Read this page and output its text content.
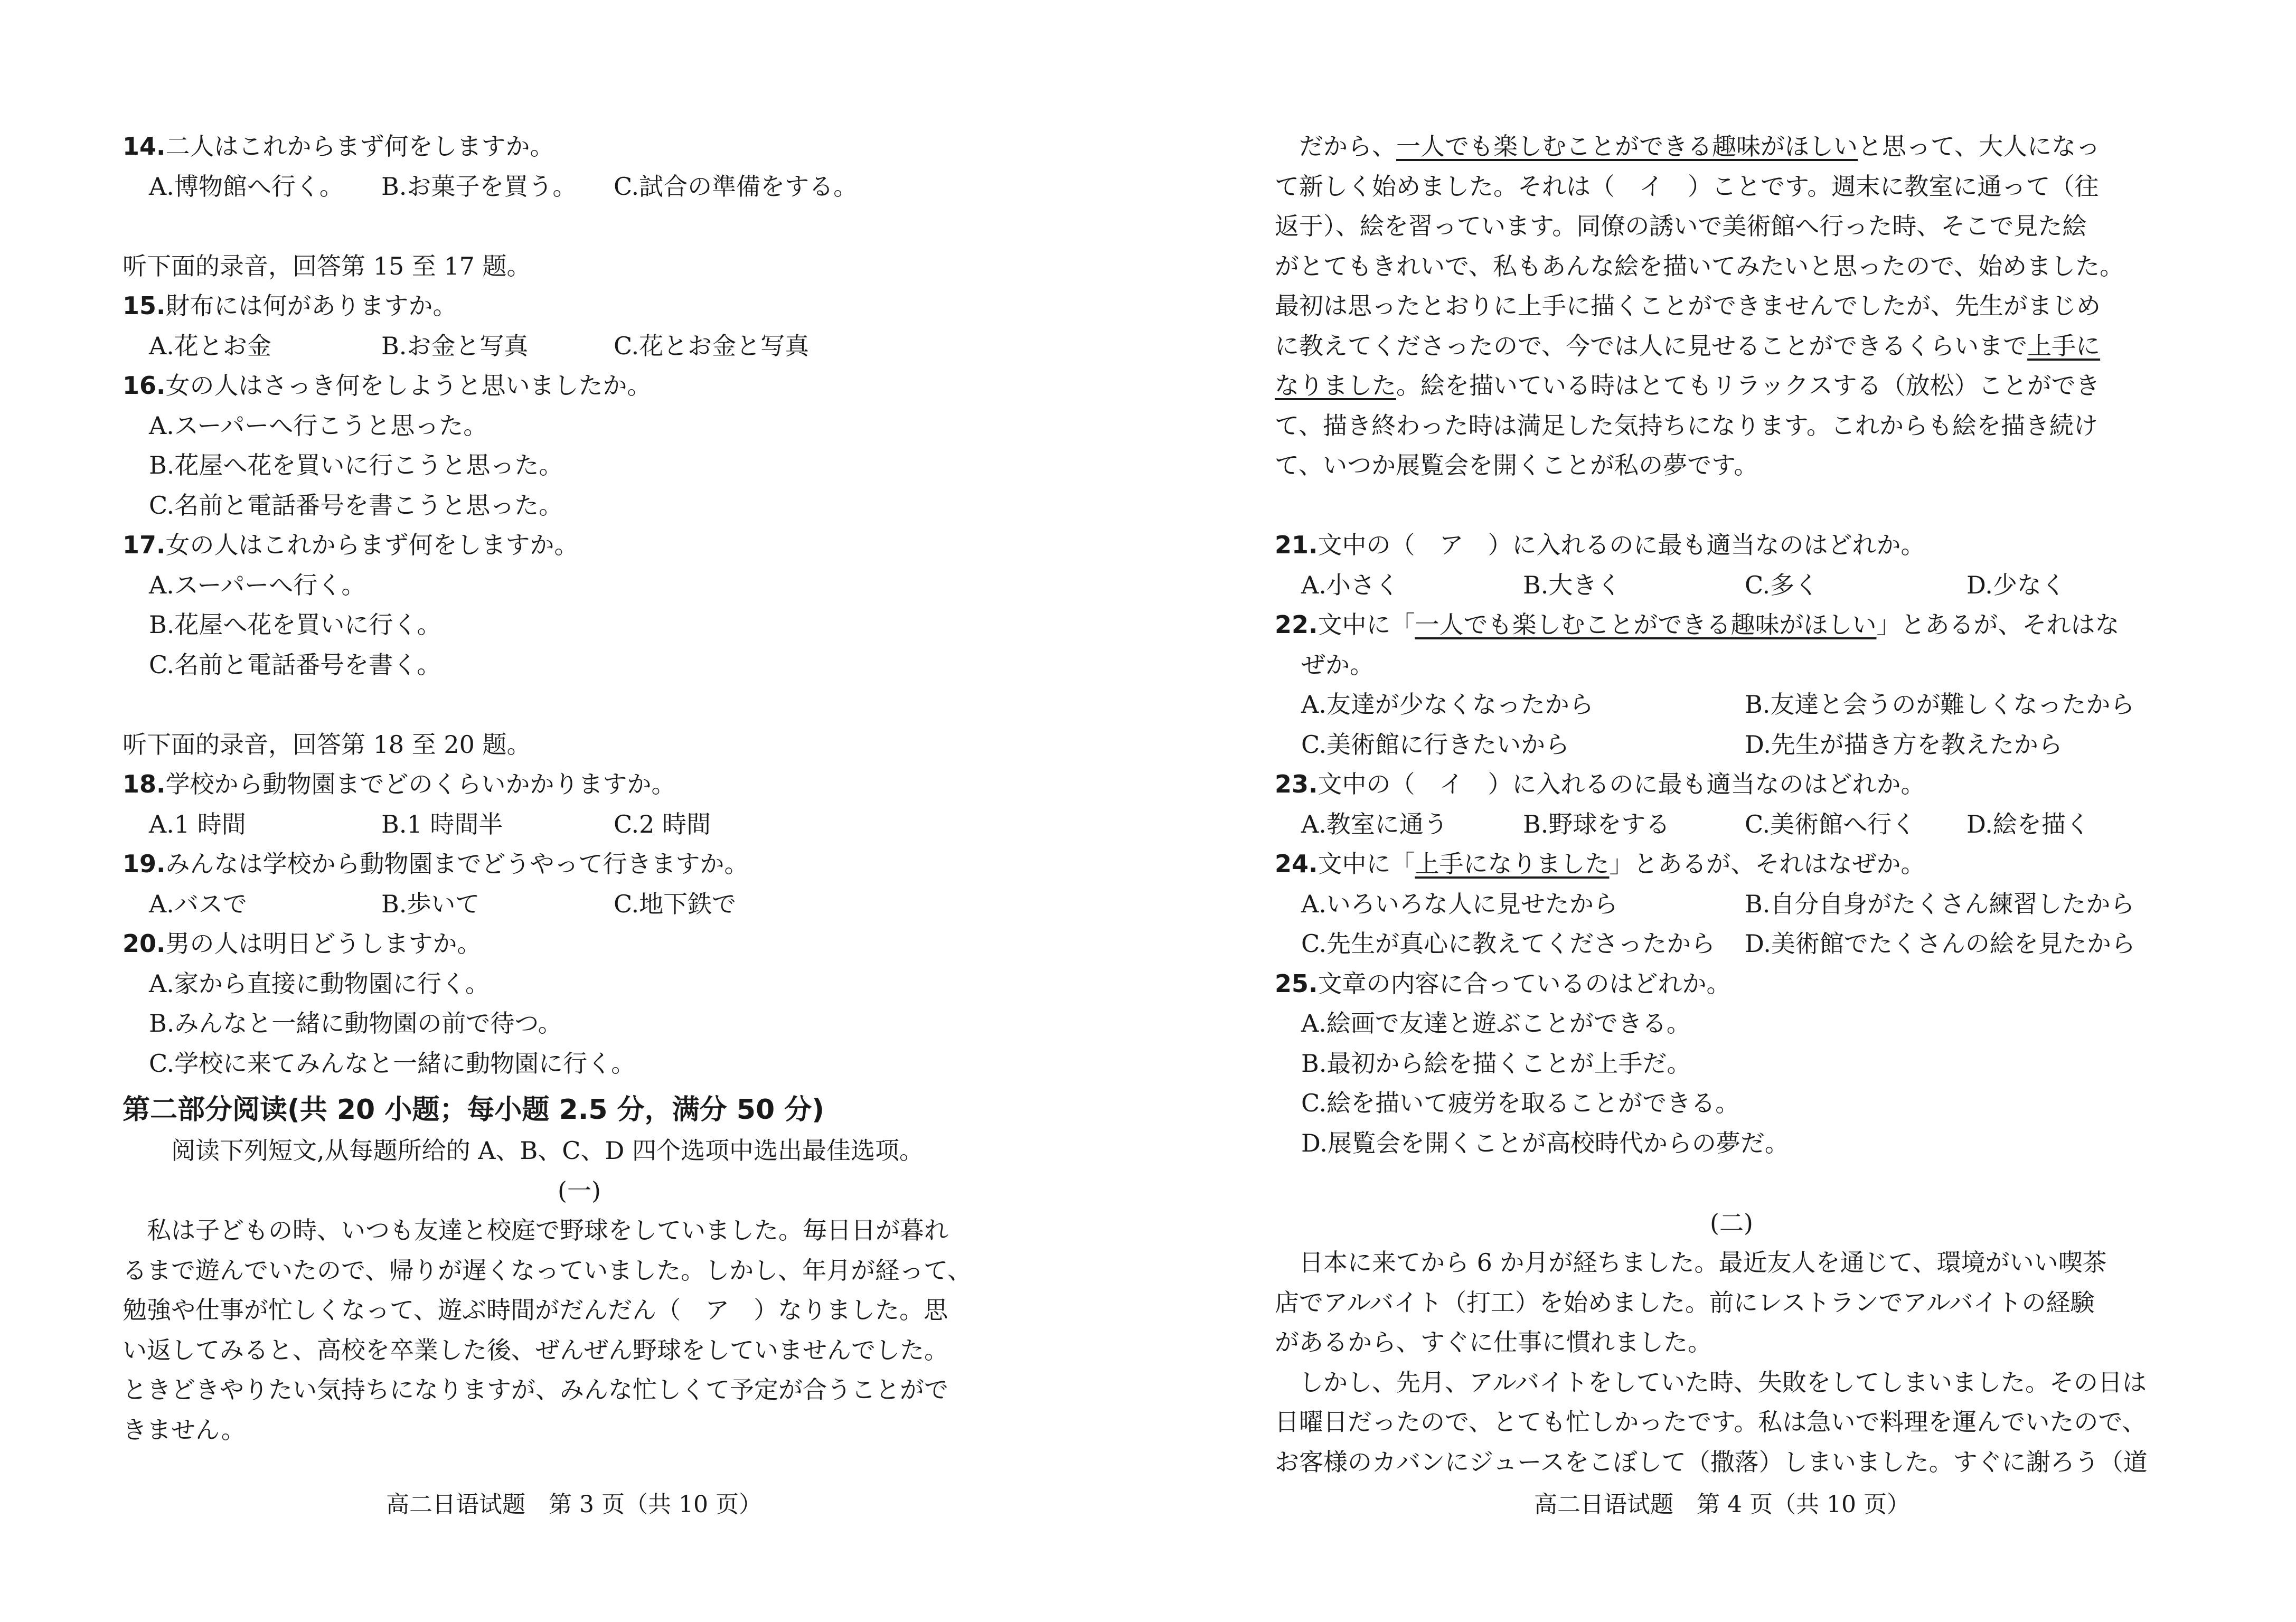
14.二人はこれからまず何をしますか。
A.博物館へ行く。	B.お菓子を買う。	C.試合の準備をする。
听下面的录音，回答第 15 至 17 题。
15.財布には何がありますか。
A.花とお金	B.お金と写真	C.花とお金と写真
16.女の人はさっき何をしようと思いましたか。
A.スーパーへ行こうと思った。
B.花屋へ花を買いに行こうと思った。
C.名前と電話番号を書こうと思った。
17.女の人はこれからまず何をしますか。
A.スーパーへ行く。
B.花屋へ花を買いに行く。
C.名前と電話番号を書く。
听下面的录音，回答第 18 至 20 题。
18.学校から動物園までどのくらいかかりますか。
A.1 時間	B.1 時間半	C.2 時間
19.みんなは学校から動物園までどうやって行きますか。
A.バスで	B.歩いて	C.地下鉄で
20.男の人は明日どうしますか。
A.家から直接に動物園に行く。
B.みんなと一緒に動物園の前で待つ。
C.学校に来てみんなと一緒に動物園に行く。
第二部分阅读(共 20 小题；每小题 2.5 分，满分 50 分)
阅读下列短文,从每题所给的 A、B、C、D 四个选项中选出最佳选项。
(一)
私は子どもの時、いつも友達と校庭で野球をしていました。毎日日が暮れ
るまで遊んでいたので、帰りが遅くなっていました。しかし、年月が経って、
勉強や仕事が忙しくなって、遊ぶ時間がだんだん（　ア　）なりました。思
い返してみると、高校を卒業した後、ぜんぜん野球をしていませんでした。
ときどきやりたい気持ちになりますが、みんな忙しくて予定が合うことがで
きません。
高二日语试题　第 3 页（共 10 页）
だから、一人でも楽しむことができる趣味がほしいと思って、大人になっ
て新しく始めました。それは（　イ　）ことです。週末に教室に通って（往
返于）、絵を習っています。同僚の誘いで美術館へ行った時、そこで見た絵
がとてもきれいで、私もあんな絵を描いてみたいと思ったので、始めました。
最初は思ったとおりに上手に描くことができませんでしたが、先生がまじめ
に教えてくださったので、今では人に見せることができるくらいまで上手に
なりました。絵を描いている時はとてもリラックスする（放松）ことができ
て、描き終わった時は満足した気持ちになります。これからも絵を描き続け
て、いつか展覧会を開くことが私の夢です。
21.文中の（　ア　）に入れるのに最も適当なのはどれか。
A.小さく	B.大きく	C.多く	D.少なく
22.文中に「一人でも楽しむことができる趣味がほしい」とあるが、それはな
ぜか。
A.友達が少なくなったから	B.友達と会うのが難しくなったから
C.美術館に行きたいから	D.先生が描き方を教えたから
23.文中の（　イ　）に入れるのに最も適当なのはどれか。
A.教室に通う	B.野球をする	C.美術館へ行く	D.絵を描く
24.文中に「上手になりました」とあるが、それはなぜか。
A.いろいろな人に見せたから	B.自分自身がたくさん練習したから
C.先生が真心に教えてくださったから	D.美術館でたくさんの絵を見たから
25.文章の内容に合っているのはどれか。
A.絵画で友達と遊ぶことができる。
B.最初から絵を描くことが上手だ。
C.絵を描いて疲労を取ることができる。
D.展覧会を開くことが高校時代からの夢だ。
(二)
日本に来てから 6 か月が経ちました。最近友人を通じて、環境がいい喫茶
店でアルバイト（打工）を始めました。前にレストランでアルバイトの経験
があるから、すぐに仕事に慣れました。
しかし、先月、アルバイトをしていた時、失敗をしてしまいました。その日は
日曜日だったので、とても忙しかったです。私は急いで料理を運んでいたので、
お客様のカバンにジュースをこぼして（撒落）しまいました。すぐに謝ろう（道
高二日语试题　第 4 页（共 10 页）
